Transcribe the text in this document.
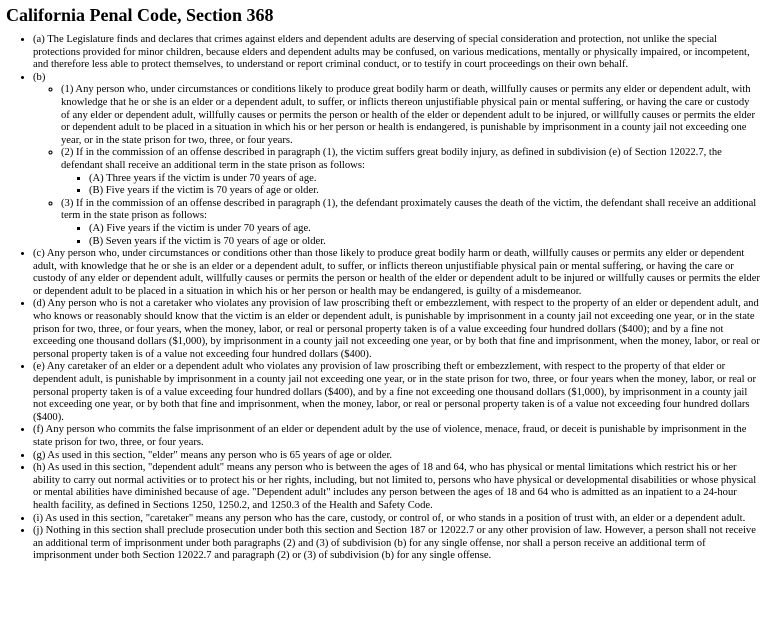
California Penal Code, Section 368
• (a) The Legislature finds and declares that crimes against elders and dependent adults are deserving of special consideration and protection, not unlike the special protections provided for minor children, because elders and dependent adults may be confused, on various medications, mentally or physically impaired, or incompetent, and therefore less able to protect themselves, to understand or report criminal conduct, or to testify in court proceedings on their own behalf.
• (b)
◦ (1) Any person who, under circumstances or conditions likely to produce great bodily harm or death, willfully causes or permits any elder or dependent adult, with knowledge that he or she is an elder or a dependent adult, to suffer, or inflicts thereon unjustifiable physical pain or mental suffering, or having the care or custody of any elder or dependent adult, willfully causes or permits the person or health of the elder or dependent adult to be injured, or willfully causes or permits the elder or dependent adult to be placed in a situation in which his or her person or health is endangered, is punishable by imprisonment in a county jail not exceeding one year, or in the state prison for two, three, or four years.
◦ (2) If in the commission of an offense described in paragraph (1), the victim suffers great bodily injury, as defined in subdivision (e) of Section 12022.7, the defendant shall receive an additional term in the state prison as follows:
▪ (A) Three years if the victim is under 70 years of age.
▪ (B) Five years if the victim is 70 years of age or older.
◦ (3) If in the commission of an offense described in paragraph (1), the defendant proximately causes the death of the victim, the defendant shall receive an additional term in the state prison as follows:
▪ (A) Five years if the victim is under 70 years of age.
▪ (B) Seven years if the victim is 70 years of age or older.
• (c) Any person who, under circumstances or conditions other than those likely to produce great bodily harm or death, willfully causes or permits any elder or dependent adult, with knowledge that he or she is an elder or a dependent adult, to suffer, or inflicts thereon unjustifiable physical pain or mental suffering, or having the care or custody of any elder or dependent adult, willfully causes or permits the person or health of the elder or dependent adult to be injured or willfully causes or permits the elder or dependent adult to be placed in a situation in which his or her person or health may be endangered, is guilty of a misdemeanor.
• (d) Any person who is not a caretaker who violates any provision of law proscribing theft or embezzlement, with respect to the property of an elder or dependent adult, and who knows or reasonably should know that the victim is an elder or dependent adult, is punishable by imprisonment in a county jail not exceeding one year, or in the state prison for two, three, or four years, when the money, labor, or real or personal property taken is of a value exceeding four hundred dollars ($400); and by a fine not exceeding one thousand dollars ($1,000), by imprisonment in a county jail not exceeding one year, or by both that fine and imprisonment, when the money, labor, or real or personal property taken is of a value not exceeding four hundred dollars ($400).
• (e) Any caretaker of an elder or a dependent adult who violates any provision of law proscribing theft or embezzlement, with respect to the property of that elder or dependent adult, is punishable by imprisonment in a county jail not exceeding one year, or in the state prison for two, three, or four years when the money, labor, or real or personal property taken is of a value exceeding four hundred dollars ($400), and by a fine not exceeding one thousand dollars ($1,000), by imprisonment in a county jail not exceeding one year, or by both that fine and imprisonment, when the money, labor, or real or personal property taken is of a value not exceeding four hundred dollars ($400).
• (f) Any person who commits the false imprisonment of an elder or dependent adult by the use of violence, menace, fraud, or deceit is punishable by imprisonment in the state prison for two, three, or four years.
• (g) As used in this section, "elder" means any person who is 65 years of age or older.
• (h) As used in this section, "dependent adult" means any person who is between the ages of 18 and 64, who has physical or mental limitations which restrict his or her ability to carry out normal activities or to protect his or her rights, including, but not limited to, persons who have physical or developmental disabilities or whose physical or mental abilities have diminished because of age. "Dependent adult" includes any person between the ages of 18 and 64 who is admitted as an inpatient to a 24-hour health facility, as defined in Sections 1250, 1250.2, and 1250.3 of the Health and Safety Code.
• (i) As used in this section, "caretaker" means any person who has the care, custody, or control of, or who stands in a position of trust with, an elder or a dependent adult.
• (j) Nothing in this section shall preclude prosecution under both this section and Section 187 or 12022.7 or any other provision of law. However, a person shall not receive an additional term of imprisonment under both paragraphs (2) and (3) of subdivision (b) for any single offense, nor shall a person receive an additional term of imprisonment under both Section 12022.7 and paragraph (2) or (3) of subdivision (b) for any single offense.
